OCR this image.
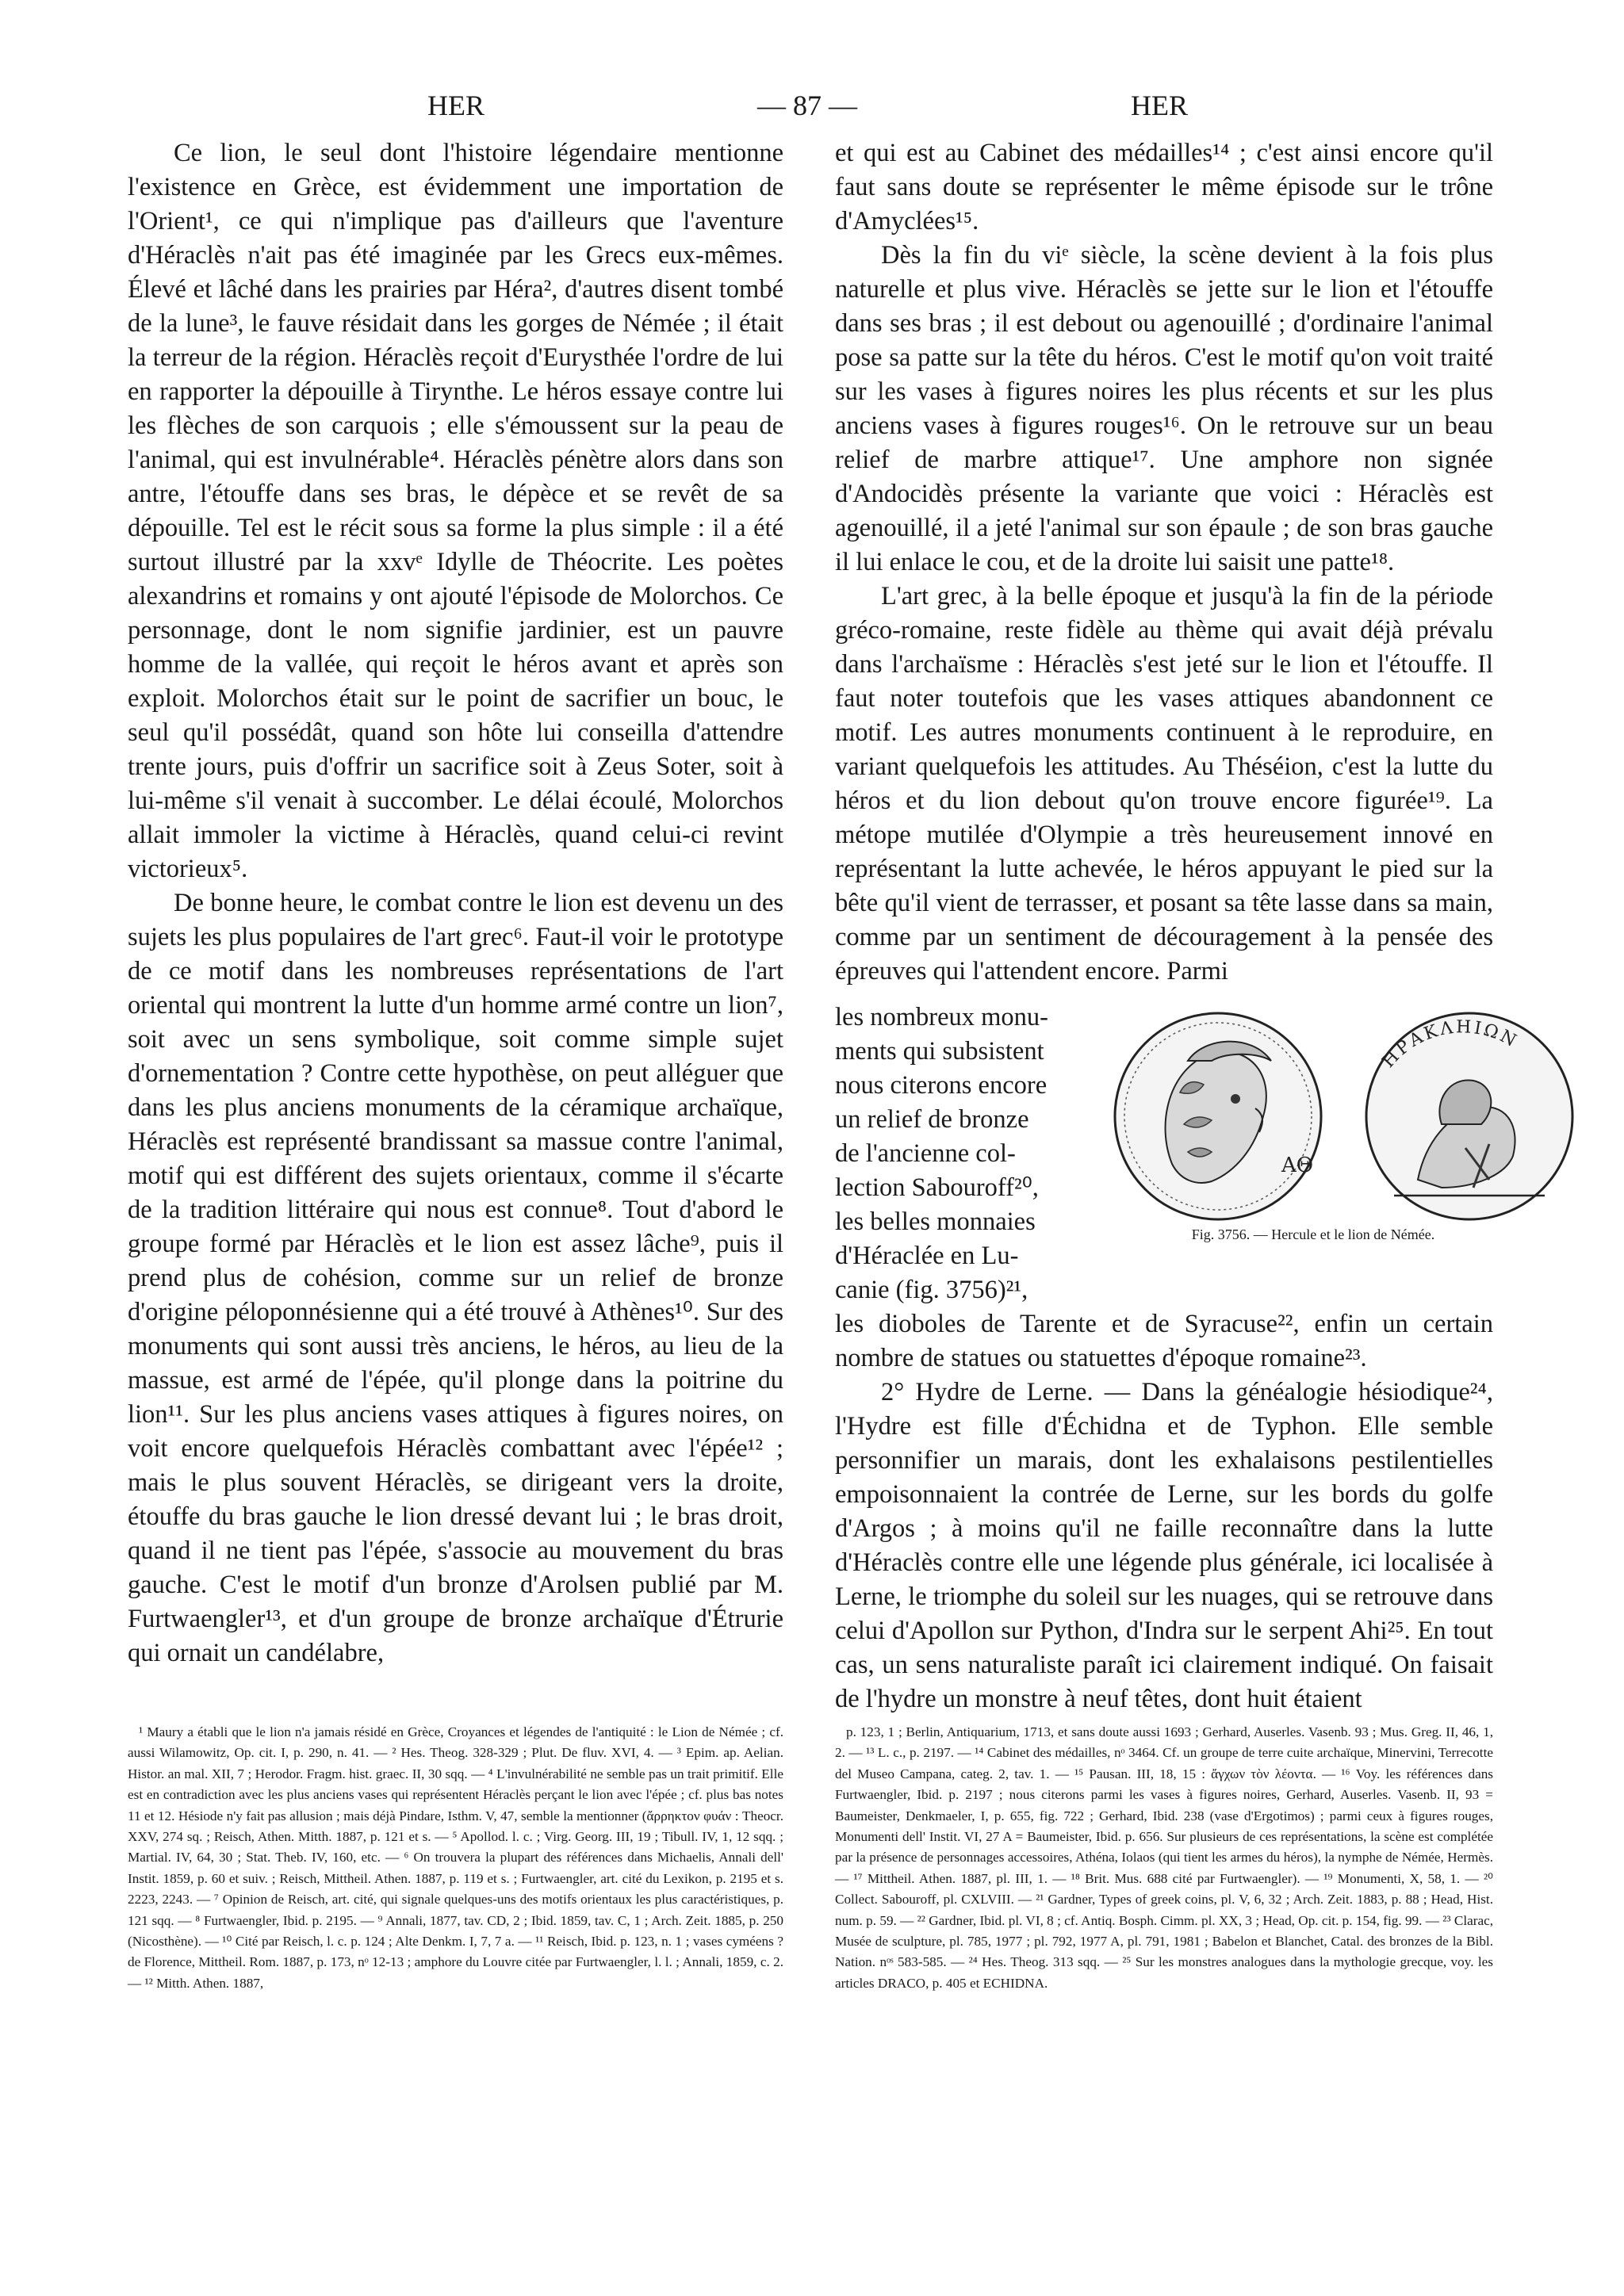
HER	— 87 —	HER

Ce lion, le seul dont l'histoire légendaire mentionne l'existence en Grèce, est évidemment une importation de l'Orient¹, ce qui n'implique pas d'ailleurs que l'aventure d'Héraclès n'ait pas été imaginée par les Grecs eux-mêmes. Élevé et lâché dans les prairies par Héra², d'autres disent tombé de la lune³, le fauve résidait dans les gorges de Némée ; il était la terreur de la région. Héraclès reçoit d'Eurysthée l'ordre de lui en rapporter la dépouille à Tirynthe. Le héros essaye contre lui les flèches de son carquois ; elle s'émoussent sur la peau de l'animal, qui est invulnérable⁴. Héraclès pénètre alors dans son antre, l'étouffe dans ses bras, le dépèce et se revêt de sa dépouille. Tel est le récit sous sa forme la plus simple : il a été surtout illustré par la xxvᵉ Idylle de Théocrite. Les poètes alexandrins et romains y ont ajouté l'épisode de Molorchos. Ce personnage, dont le nom signifie jardinier, est un pauvre homme de la vallée, qui reçoit le héros avant et après son exploit. Molorchos était sur le point de sacrifier un bouc, le seul qu'il possédât, quand son hôte lui conseilla d'attendre trente jours, puis d'offrir un sacrifice soit à Zeus Soter, soit à lui-même s'il venait à succomber. Le délai écoulé, Molorchos allait immoler la victime à Héraclès, quand celui-ci revint victorieux⁵.

De bonne heure, le combat contre le lion est devenu un des sujets les plus populaires de l'art grec⁶. Faut-il voir le prototype de ce motif dans les nombreuses représentations de l'art oriental qui montrent la lutte d'un homme armé contre un lion⁷, soit avec un sens symbolique, soit comme simple sujet d'ornementation ? Contre cette hypothèse, on peut alléguer que dans les plus anciens monuments de la céramique archaïque, Héraclès est représenté brandissant sa massue contre l'animal, motif qui est différent des sujets orientaux, comme il s'écarte de la tradition littéraire qui nous est connue⁸. Tout d'abord le groupe formé par Héraclès et le lion est assez lâche⁹, puis il prend plus de cohésion, comme sur un relief de bronze d'origine péloponnésienne qui a été trouvé à Athènes¹⁰. Sur des monuments qui sont aussi très anciens, le héros, au lieu de la massue, est armé de l'épée, qu'il plonge dans la poitrine du lion¹¹. Sur les plus anciens vases attiques à figures noires, on voit encore quelquefois Héraclès combattant avec l'épée¹² ; mais le plus souvent Héraclès, se dirigeant vers la droite, étouffe du bras gauche le lion dressé devant lui ; le bras droit, quand il ne tient pas l'épée, s'associe au mouvement du bras gauche. C'est le motif d'un bronze d'Arolsen publié par M. Furtwaengler¹³, et d'un groupe de bronze archaïque d'Étrurie qui ornait un candélabre,

et qui est au Cabinet des médailles¹⁴ ; c'est ainsi encore qu'il faut sans doute se représenter le même épisode sur le trône d'Amyclées¹⁵.

Dès la fin du viᵉ siècle, la scène devient à la fois plus naturelle et plus vive. Héraclès se jette sur le lion et l'étouffe dans ses bras ; il est debout ou agenouillé ; d'ordinaire l'animal pose sa patte sur la tête du héros. C'est le motif qu'on voit traité sur les vases à figures noires les plus récents et sur les plus anciens vases à figures rouges¹⁶. On le retrouve sur un beau relief de marbre attique¹⁷. Une amphore non signée d'Andocidès présente la variante que voici : Héraclès est agenouillé, il a jeté l'animal sur son épaule ; de son bras gauche il lui enlace le cou, et de la droite lui saisit une patte¹⁸.

L'art grec, à la belle époque et jusqu'à la fin de la période gréco-romaine, reste fidèle au thème qui avait déjà prévalu dans l'archaïsme : Héraclès s'est jeté sur le lion et l'étouffe. Il faut noter toutefois que les vases attiques abandonnent ce motif. Les autres monuments continuent à le reproduire, en variant quelquefois les attitudes. Au Théséion, c'est la lutte du héros et du lion debout qu'on trouve encore figurée¹⁹. La métope mutilée d'Olympie a très heureusement innové en représentant la lutte achevée, le héros appuyant le pied sur la bête qu'il vient de terrasser, et posant sa tête lasse dans sa main, comme par un sentiment de découragement à la pensée des épreuves qui l'attendent encore. Parmi

les nombreux monu-
ments qui subsistent
nous citerons encore
un relief de bronze
de l'ancienne col-
lection Sabouroff²⁰,
les belles monnaies
d'Héraclée en Lu-
canie (fig. 3756)²¹,
ΑΘ
ΗΡΑΚΛΗΙΩΝ
Fig. 3756. — Hercule et le lion de Némée.

les dioboles de Tarente et de Syracuse²², enfin un certain nombre de statues ou statuettes d'époque romaine²³.

2° Hydre de Lerne. — Dans la généalogie hésiodique²⁴, l'Hydre est fille d'Échidna et de Typhon. Elle semble personnifier un marais, dont les exhalaisons pestilentielles empoisonnaient la contrée de Lerne, sur les bords du golfe d'Argos ; à moins qu'il ne faille reconnaître dans la lutte d'Héraclès contre elle une légende plus générale, ici localisée à Lerne, le triomphe du soleil sur les nuages, qui se retrouve dans celui d'Apollon sur Python, d'Indra sur le serpent Ahi²⁵. En tout cas, un sens naturaliste paraît ici clairement indiqué. On faisait de l'hydre un monstre à neuf têtes, dont huit étaient

¹ Maury a établi que le lion n'a jamais résidé en Grèce, Croyances et légendes de l'antiquité : le Lion de Némée ; cf. aussi Wilamowitz, Op. cit. I, p. 290, n. 41. — ² Hes. Theog. 328-329 ; Plut. De fluv. XVI, 4. — ³ Epim. ap. Aelian. Histor. an mal. XII, 7 ; Herodor. Fragm. hist. graec. II, 30 sqq. — ⁴ L'invulnérabilité ne semble pas un trait primitif. Elle est en contradiction avec les plus anciens vases qui représentent Héraclès perçant le lion avec l'épée ; cf. plus bas notes 11 et 12. Hésiode n'y fait pas allusion ; mais déjà Pindare, Isthm. V, 47, semble la mentionner (ἄρρηκτον φυάν : Theocr. XXV, 274 sq. ; Reisch, Athen. Mitth. 1887, p. 121 et s. — ⁵ Apollod. l. c. ; Virg. Georg. III, 19 ; Tibull. IV, 1, 12 sqq. ; Martial. IV, 64, 30 ; Stat. Theb. IV, 160, etc. — ⁶ On trouvera la plupart des références dans Michaelis, Annali dell' Instit. 1859, p. 60 et suiv. ; Reisch, Mittheil. Athen. 1887, p. 119 et s. ; Furtwaengler, art. cité du Lexikon, p. 2195 et s. 2223, 2243. — ⁷ Opinion de Reisch, art. cité, qui signale quelques-uns des motifs orientaux les plus caractéristiques, p. 121 sqq. — ⁸ Furtwaengler, Ibid. p. 2195. — ⁹ Annali, 1877, tav. CD, 2 ; Ibid. 1859, tav. C, 1 ; Arch. Zeit. 1885, p. 250 (Nicosthène). — ¹⁰ Cité par Reisch, l. c. p. 124 ; Alte Denkm. I, 7, 7 a. — ¹¹ Reisch, Ibid. p. 123, n. 1 ; vases cyméens ? de Florence, Mittheil. Rom. 1887, p. 173, nᵒ 12-13 ; amphore du Louvre citée par Furtwaengler, l. l. ; Annali, 1859, c. 2. — ¹² Mitth. Athen. 1887,

p. 123, 1 ; Berlin, Antiquarium, 1713, et sans doute aussi 1693 ; Gerhard, Auserles. Vasenb. 93 ; Mus. Greg. II, 46, 1, 2. — ¹³ L. c., p. 2197. — ¹⁴ Cabinet des médailles, nᵒ 3464. Cf. un groupe de terre cuite archaïque, Minervini, Terrecotte del Museo Campana, categ. 2, tav. 1. — ¹⁵ Pausan. III, 18, 15 : ἄγχων τὸν λέοντα. — ¹⁶ Voy. les références dans Furtwaengler, Ibid. p. 2197 ; nous citerons parmi les vases à figures noires, Gerhard, Auserles. Vasenb. II, 93 = Baumeister, Denkmaeler, I, p. 655, fig. 722 ; Gerhard, Ibid. 238 (vase d'Ergotimos) ; parmi ceux à figures rouges, Monumenti dell' Instit. VI, 27 A = Baumeister, Ibid. p. 656. Sur plusieurs de ces représentations, la scène est complétée par la présence de personnages accessoires, Athéna, Iolaos (qui tient les armes du héros), la nymphe de Némée, Hermès. — ¹⁷ Mittheil. Athen. 1887, pl. III, 1. — ¹⁸ Brit. Mus. 688 cité par Furtwaengler). — ¹⁹ Monumenti, X, 58, 1. — ²⁰ Collect. Sabouroff, pl. CXLVIII. — ²¹ Gardner, Types of greek coins, pl. V, 6, 32 ; Arch. Zeit. 1883, p. 88 ; Head, Hist. num. p. 59. — ²² Gardner, Ibid. pl. VI, 8 ; cf. Antiq. Bosph. Cimm. pl. XX, 3 ; Head, Op. cit. p. 154, fig. 99. — ²³ Clarac, Musée de sculpture, pl. 785, 1977 ; pl. 792, 1977 A, pl. 791, 1981 ; Babelon et Blanchet, Catal. des bronzes de la Bibl. Nation. nᵒˢ 583-585. — ²⁴ Hes. Theog. 313 sqq. — ²⁵ Sur les monstres analogues dans la mythologie grecque, voy. les articles DRACO, p. 405 et ECHIDNA.
